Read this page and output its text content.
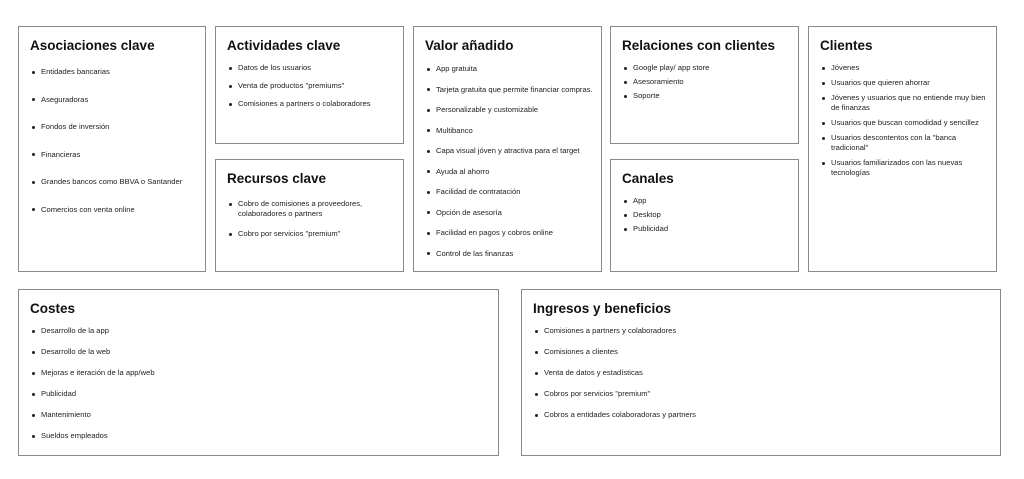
Asociaciones clave
Entidades bancarias
Aseguradoras
Fondos de inversión
Financieras
Grandes bancos como BBVA o Santander
Comercios con venta online
Actividades clave
Datos de los usuarios
Venta de productos "premiums"
Comisiones a partners o colaboradores
Recursos clave
Cobro de comisiones a proveedores, colaboradores o partners
Cobro por servicios "premium"
Valor añadido
App gratuita
Tarjeta gratuita que permite financiar compras.
Personalizable y customizable
Multibanco
Capa visual jóven y atractiva para el target
Ayuda al ahorro
Facilidad de contratación
Opción de asesoría
Facilidad en pagos y cobros online
Control de las finanzas
Relaciones con clientes
Google play/ app store
Asesoramiento
Soporte
Canales
App
Desktop
Publicidad
Clientes
Jóvenes
Usuarios que quieren ahorrar
Jóvenes y usuarios que no entiende muy bien de finanzas
Usuarios que buscan comodidad y sencillez
Usuarios descontentos con la "banca tradicional"
Usuarios familiarizados con las nuevas tecnologías
Costes
Desarrollo de la app
Desarrollo de la web
Mejoras e iteración de la app/web
Publicidad
Mantenimiento
Sueldos empleados
Ingresos y beneficios
Comisiones a partners y colaboradores
Comisiones a clientes
Venta de datos y estadísticas
Cobros por servicios "premium"
Cobros a entidades colaboradoras y partners
